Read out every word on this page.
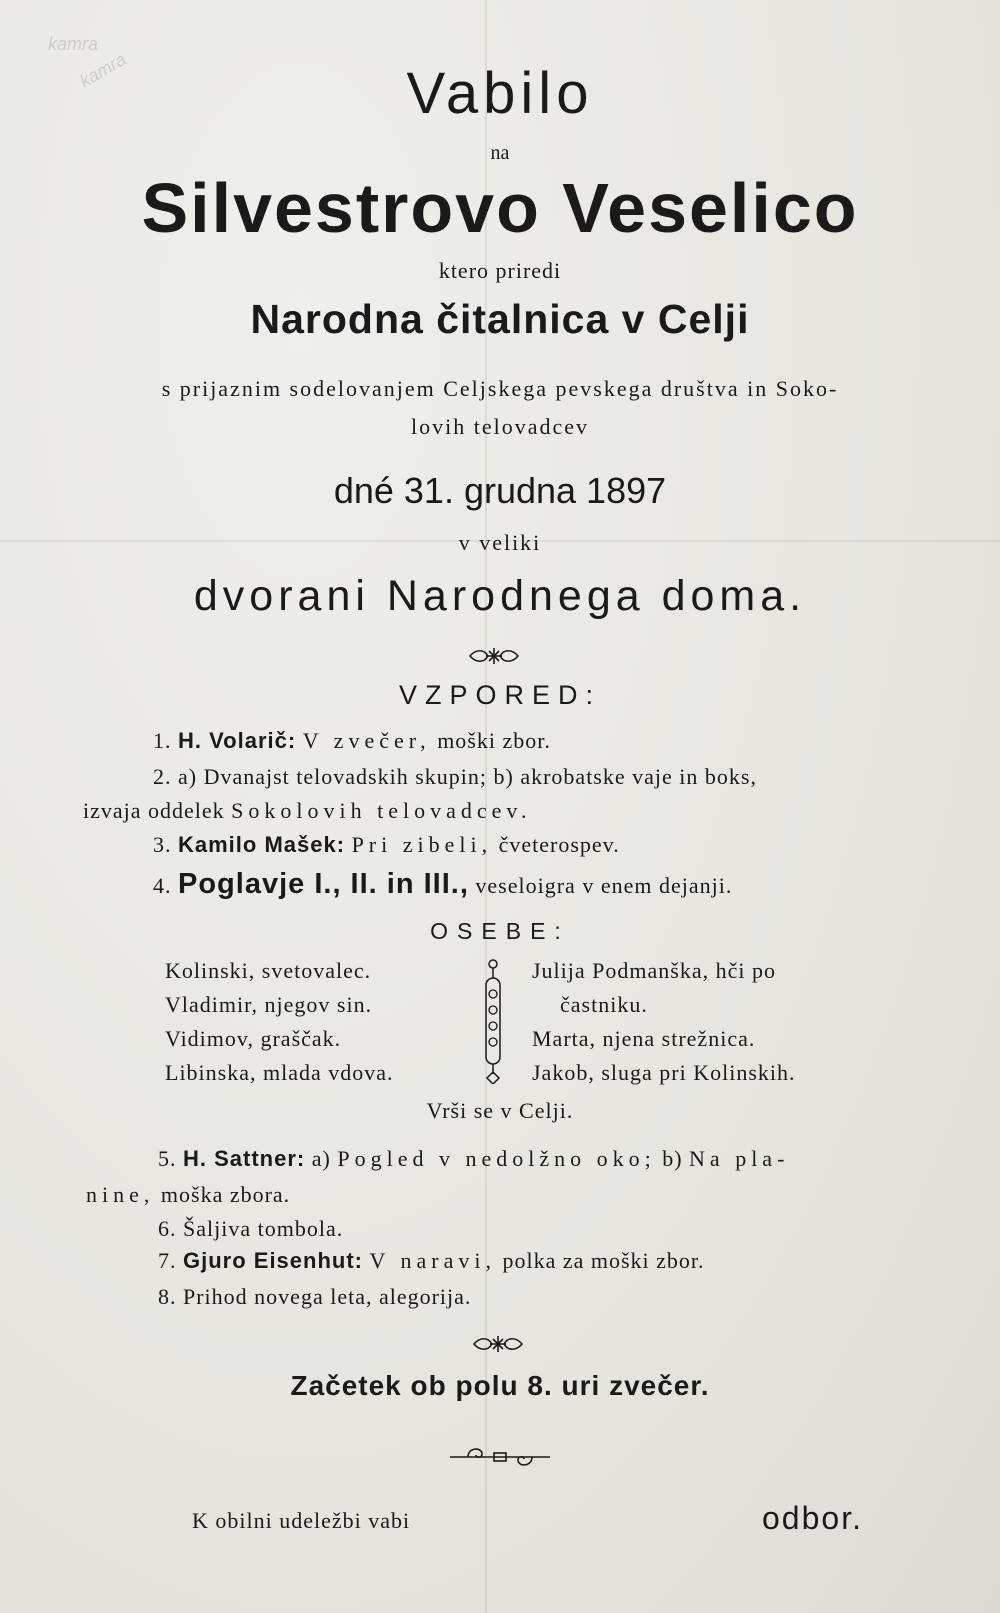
kamra
kamra	Vabilo
na
Silvestrovo Veselico
ktero priredi
Narodna čitalnica v Celji
s prijaznim sodelovanjem Celjskega pevskega društva in Soko-
lovih telovadcev
dné 31. grudna 1897
v veliki
dvorani Narodnega doma.
VZPORED:
1. H. Volarič: V zvečer, moški zbor.
2. a) Dvanajst telovadskih skupin; b) akrobatske vaje in boks,
izvaja oddelek Sokolovih telovadcev.
3. Kamilo Mašek: Pri zibeli, čveterospev.
4. Poglavje I., II. in III., veseloigra v enem dejanji.
OSEBE:
Kolinski, svetovalec.
Vladimir, njegov sin.
Vidimov, graščak.
Libinska, mlada vdova.
Julija Podmanška, hči po
častniku.
Marta, njena strežnica.
Jakob, sluga pri Kolinskih.
Vrši se v Celji.
5. H. Sattner: a) Pogled v nedolžno oko; b) Na pla-
nine, moška zbora.
6. Šaljiva tombola.
7. Gjuro Eisenhut: V naravi, polka za moški zbor.
8. Prihod novega leta, alegorija.
Začetek ob polu 8. uri zvečer.
K obilni udeležbi vabi	odbor.
